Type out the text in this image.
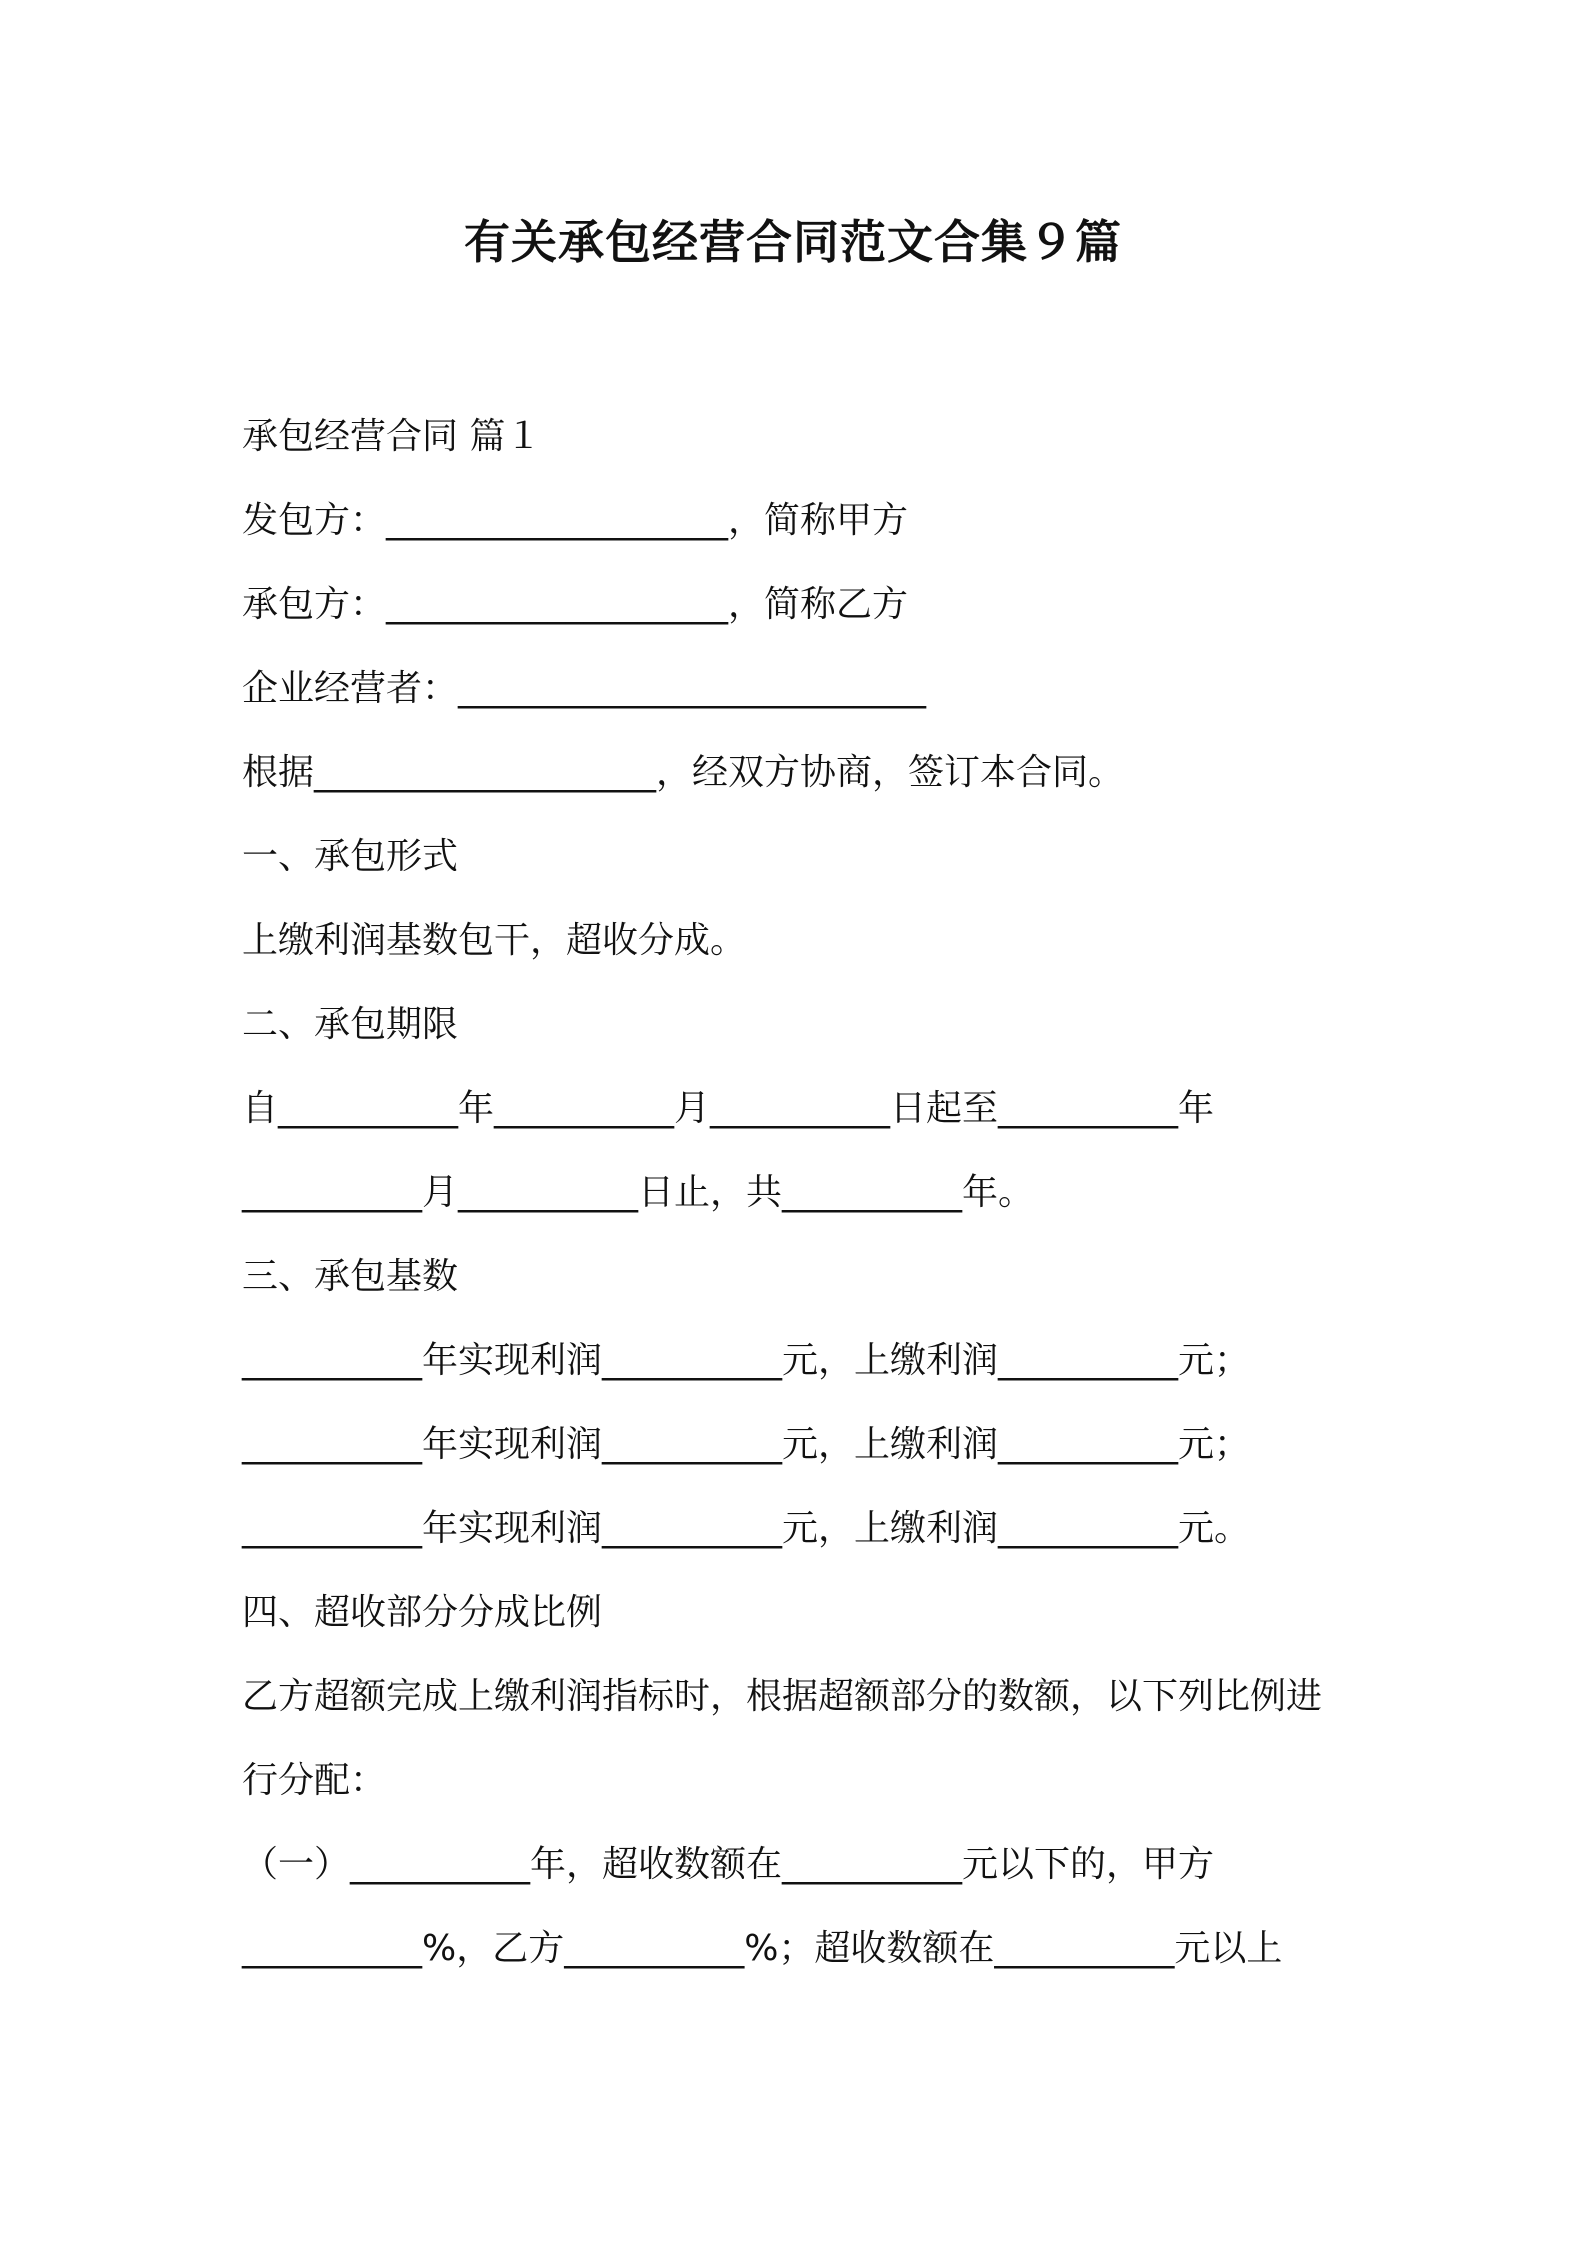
有关承包经营合同范文合集９篇

承包经营合同 篇１

发包方：___________________，简称甲方

承包方：___________________，简称乙方

企业经营者：__________________________

根据___________________，经双方协商，签订本合同。

一、承包形式

上缴利润基数包干，超收分成。

二、承包期限

自__________年__________月__________日起至__________年

__________月__________日止，共__________年。

三、承包基数

__________年实现利润__________元，上缴利润__________元；

__________年实现利润__________元，上缴利润__________元；

__________年实现利润__________元，上缴利润__________元。

四、超收部分分成比例

乙方超额完成上缴利润指标时，根据超额部分的数额，以下列比例进

行分配：

（一）__________年，超收数额在__________元以下的，甲方

__________%，乙方__________%；超收数额在__________元以上
